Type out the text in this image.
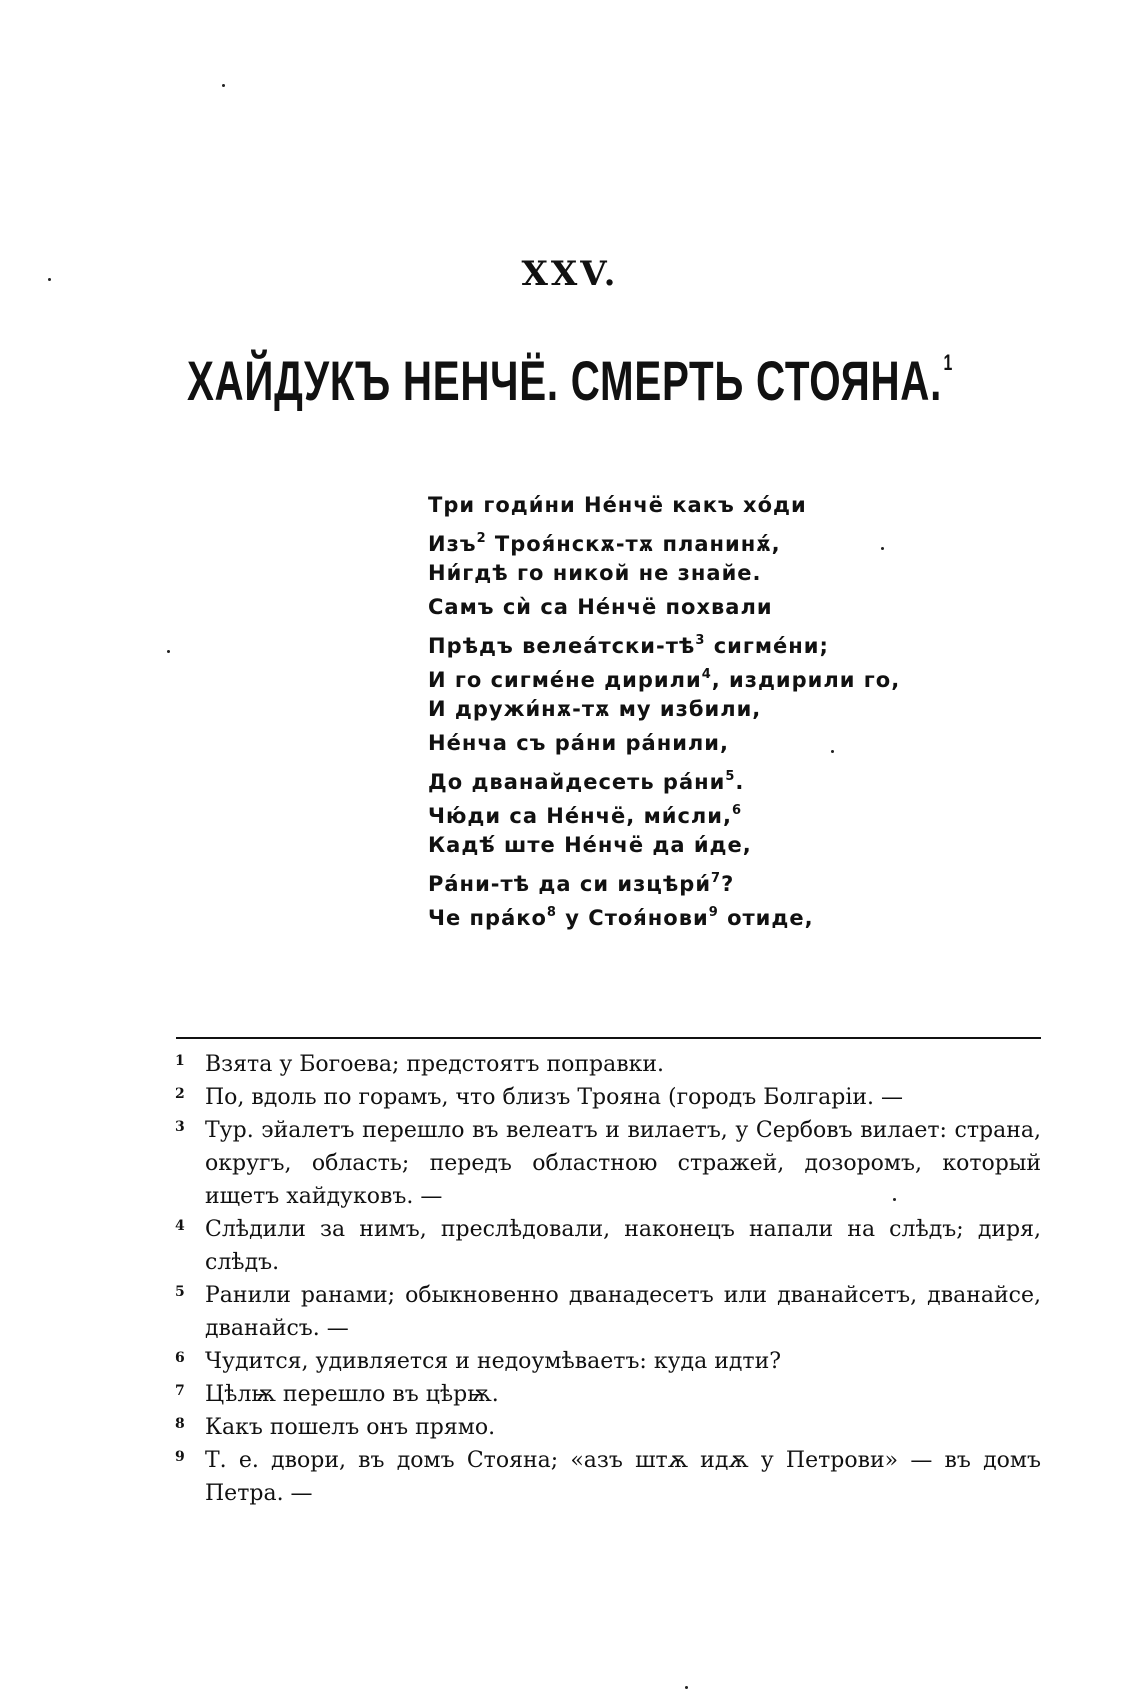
XXV.
ХАЙДУКЪ НЕНЧЁ. СМЕРТЬ СТОЯНА.$^1$
Три годи́ни Не́нчё какъ хо́ди
Изъ$^2$ Троя́нскѫ-тѫ планинѫ́,
Ни́гдѣ го никой не знайе.
Самъ сѝ са Не́нчё похвали
Прѣдъ $велеа́тски-тѣ^3$ сигме́ни;
И го сигме́не дирили$^4$, издирили го,
И дружи́нѫ-тѫ му избили,
Не́нча съ ра́ни ра́нили,
До дванайдесеть $ра́ни^5$.
Чю́ди са Не́нчё, ми́сли,$^6$
Кадѣ́ ште Не́нчё да и́де,
Ра́ни-тѣ да си изцѣри́$^7$?
Че $пра́ко^8$ у Стоя́нови$^9$ отиде,
1 Взята у Богоева; предстоятъ поправки.
2 По, вдоль по горамъ, что близъ Трояна (городъ Болгаріи. —
3 Тур. эйалетъ перешло въ велеатъ и вилаетъ, у Сербовъ вилает: страна, округъ, область; передъ областною стражей, дозоромъ, который ищетъ хайдуковъ. —
4 Слѣдили за нимъ, преслѣдовали, наконецъ напали на слѣдъ; диря, слѣдъ.
5 Ранили ранами; обыкновенно дванадесетъ или дванайсетъ, дванайсе, дванайсъ. —
6 Чудится, удивляется и недоумѣваетъ: куда идти?
7 Цѣлѭ перешло въ цѣрѭ.
8 Какъ пошелъ онъ прямо.
9 Т. е. двори, въ домъ Стояна; «азъ штѫ идѫ у Петрови» — въ домъ Петра. —
